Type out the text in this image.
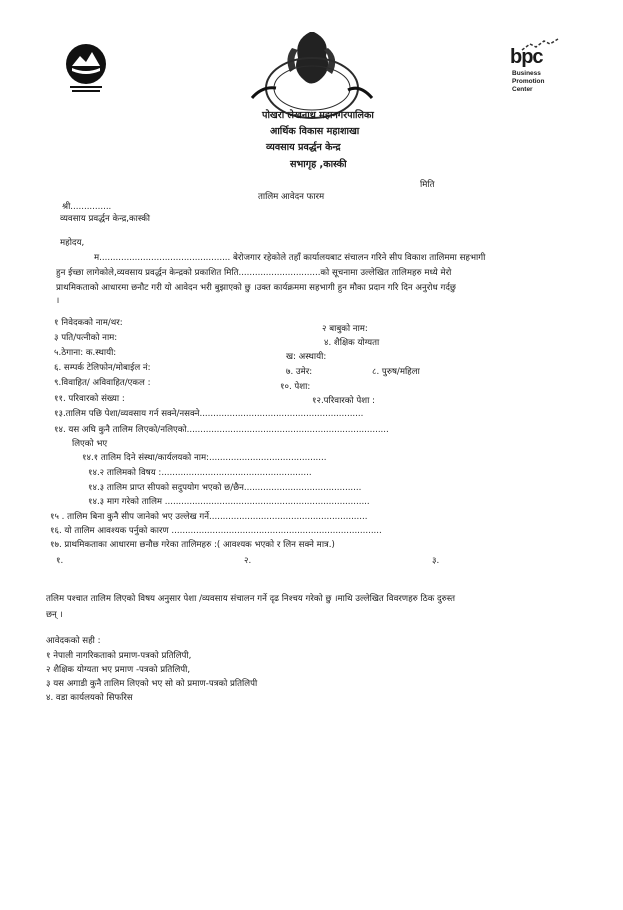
पोखरा लेखनाथ महानगरपालिका
आर्थिक विकास महाशाखा
व्यवसाय प्रवर्द्धन केन्द्र
सभागृह ,कास्की
bpc
Business
Promotion
Center
मिति
तालिम आवेदन फारम
श्री...............
व्यवसाय प्रवर्द्धन केन्द्र,कास्की
महोदय,
म................................................ बेरोजगार रहेकोले तहाँ कार्यालयबाट संचालन गरिने सीप विकाश तालिममा सहभागी
हुन ईच्छा लागेकोले,व्यवसाय प्रवर्द्धन केन्द्रको प्रकाशित मिति..............................को सूचनामा उल्लेखित तालिमहरु मध्ये मेरो
प्राथमिकताको आधारमा छनौट गरी यो आवेदन भरी बुझाएको छु ।उक्त कार्यक्रममा सहभागी हुन मौका प्रदान गरि दिन अनुरोध गर्दछु
।
१ निवेदकको नाम/थर:
२ बाबुको नाम:
३ पति/पत्नीको नाम:	४. शैक्षिक योग्यता
५.ठेगाना: क.स्थायी:	ख: अस्थायी:
६. सम्पर्क टेलिफोन/मोबाईल नं:	७. उमेर:	८. पुरुष/महिला
९.विवाहित/ अविवाहित/एकल :	१०. पेशा:
११. परिवारको संख्या :	१२.परिवारको पेशा :
१३.तालिम पछि पेशा/व्यवसाय गर्न सक्ने/नसक्ने............................................................
१४. यस अघि कुनै तालिम लिएको/नलिएको..........................................................................
लिएको भए
१४.१ तालिम दिने संस्था/कार्यलयको नाम:...........................................
१४.२ तालिमको विषय :.......................................................
१४.३ तालिम प्राप्त सीपको सदुपयोग भएको छ/छैन...........................................
१४.३ माग गरेको तालिम ...........................................................................
१५ . तालिम बिना कुनै सीप जानेको भए उल्लेख गर्ने..........................................................
१६. यो तालिम आवश्यक पर्नुको कारण .............................................................................
१७. प्राथमिकताका आधारमा छनौछ गरेका तालिमहरु :( आवश्यक भएको र लिन सक्ने मात्र.)
१.	२.	३.
तलिम पश्चात तालिम लिएको विषय अनुसार पेशा /व्यवसाय संचालन गर्ने दृढ निश्चय गरेको छु ।माथि उल्लेखित विवरणहरु ठिक दुरुस्त
छन् ।
आवेदकको सही :
१ नेपाली नागरिकताको प्रमाण-पत्रको प्रतिलिपी,
२ शैक्षिक योग्यता भए प्रमाण -पत्रको प्रतिलिपी,
३ यस अगाडी कुनै तालिम लिएको भए सो को प्रमाण-पत्रको प्रतिलिपी
४. वडा कार्यलयको सिफरिस
